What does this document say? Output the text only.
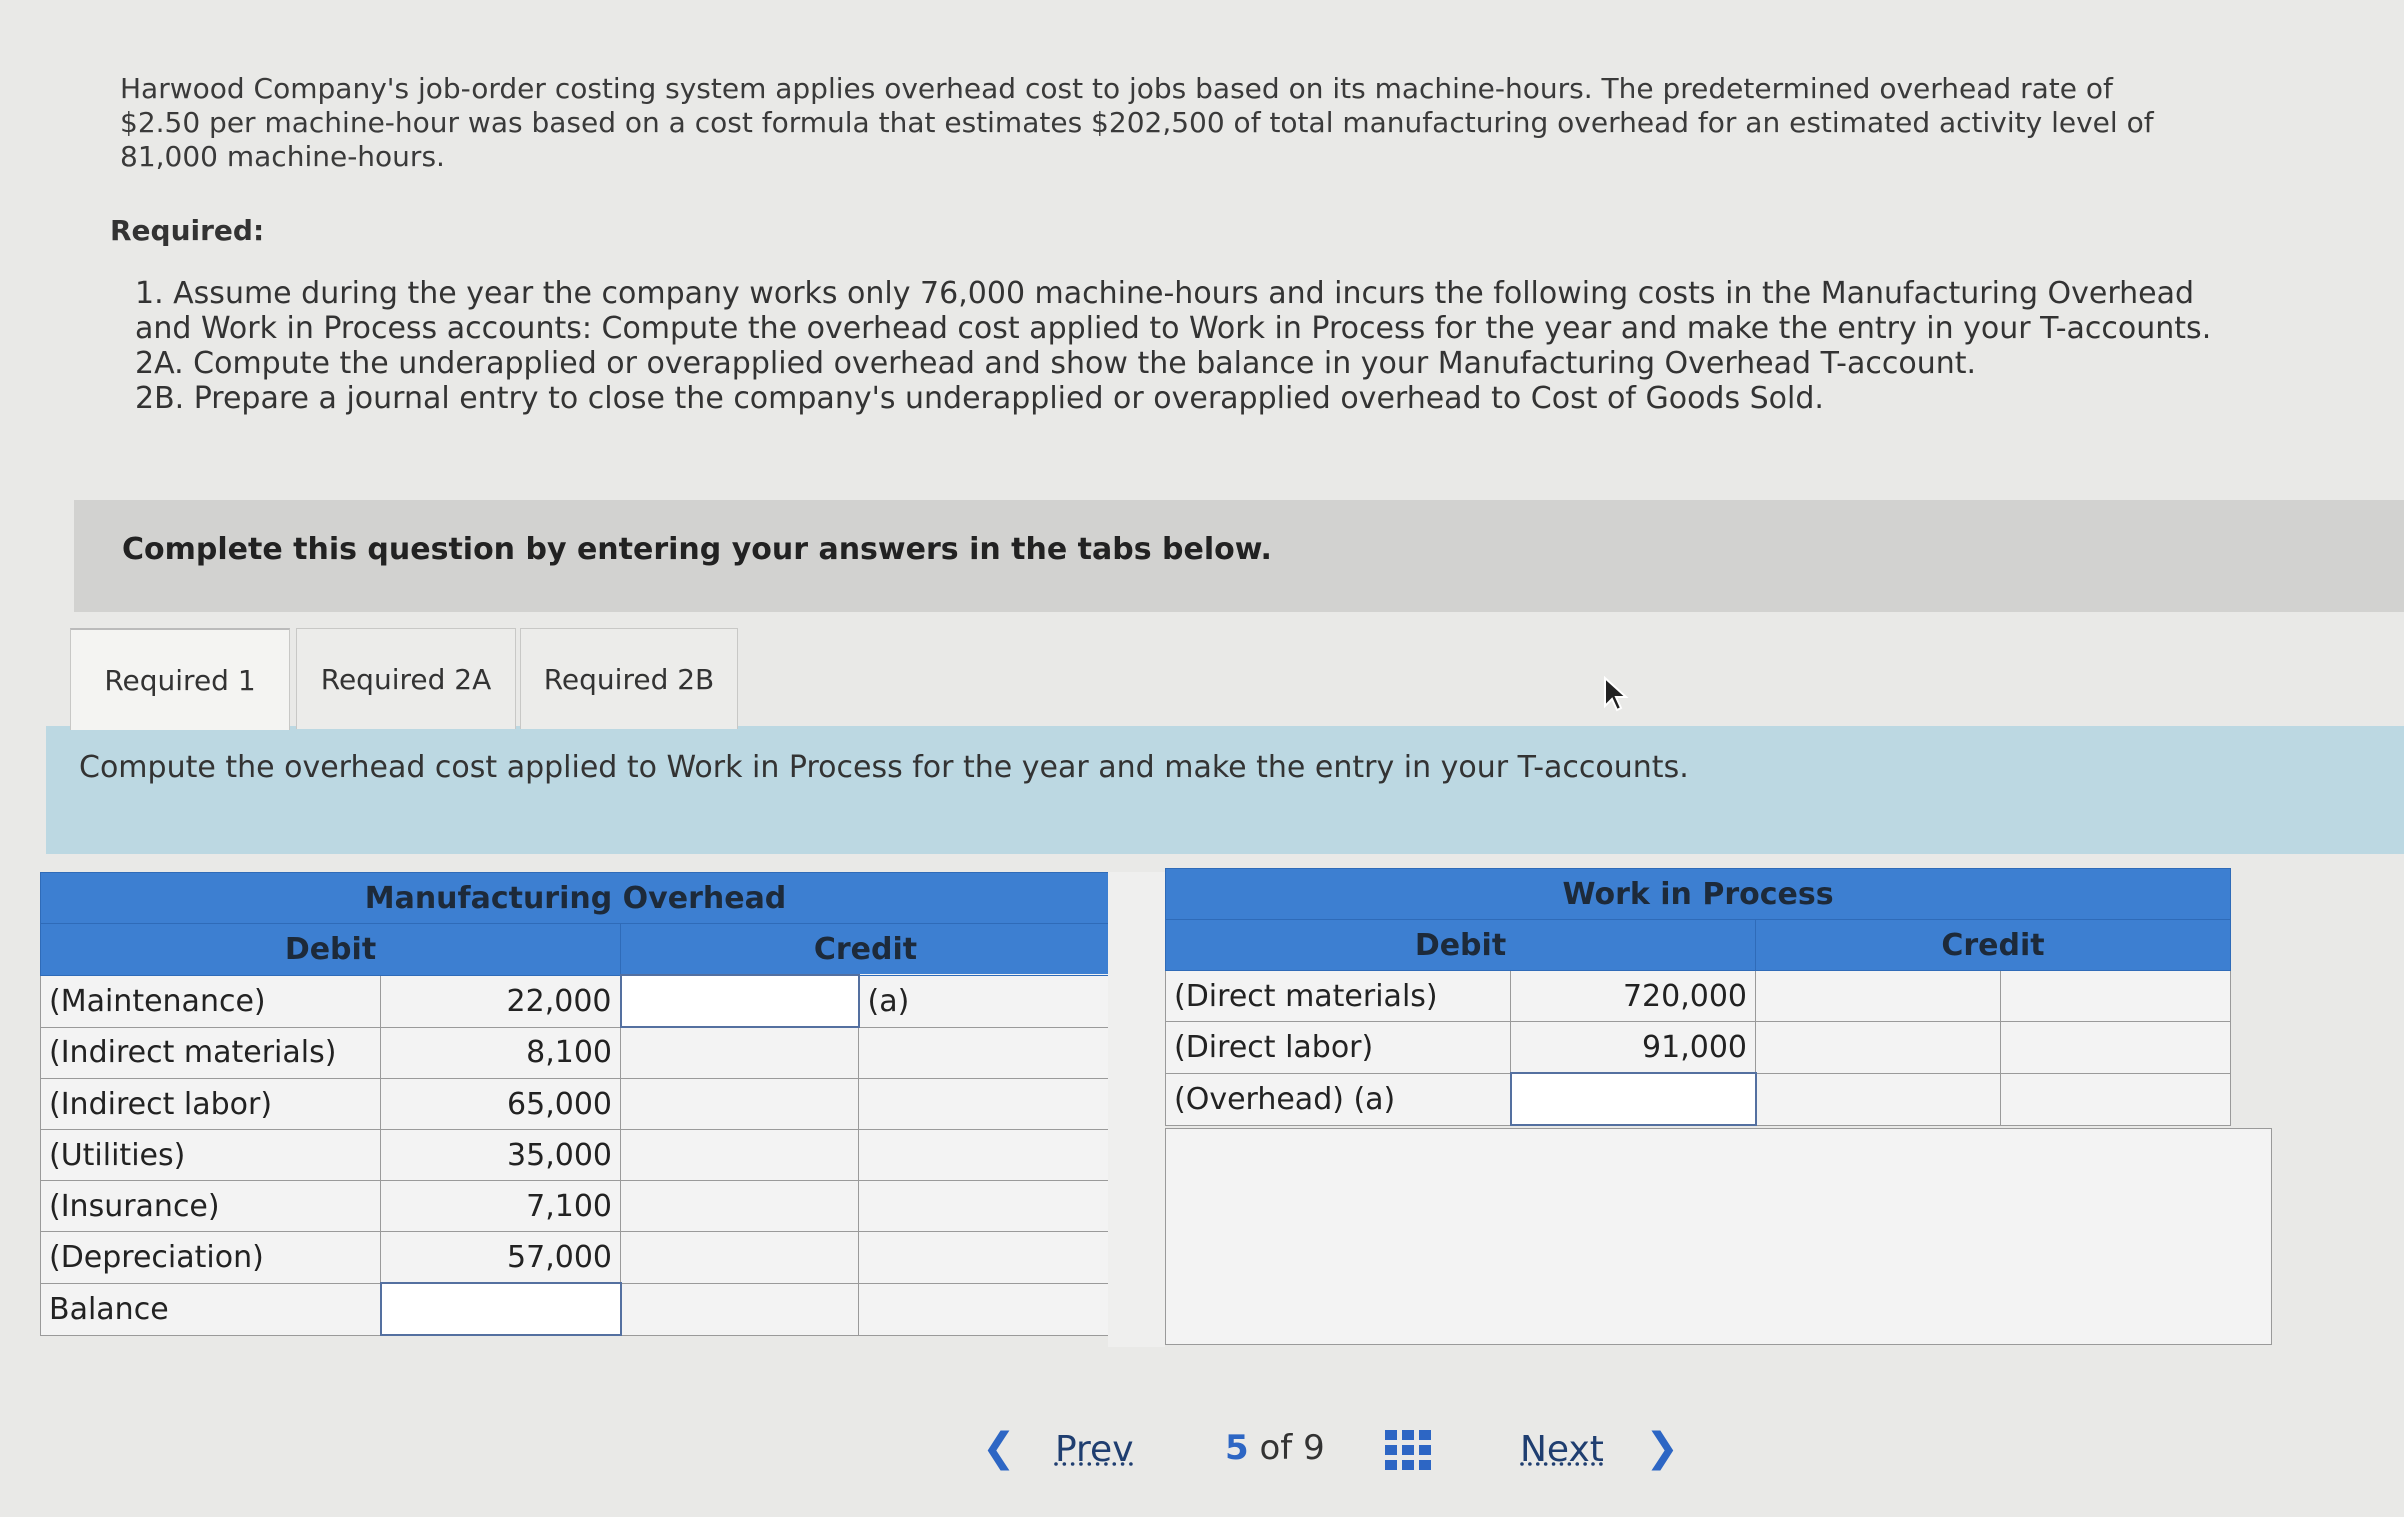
Harwood Company's job-order costing system applies overhead cost to jobs based on its machine-hours. The predetermined overhead rate of $2.50 per machine-hour was based on a cost formula that estimates $202,500 of total manufacturing overhead for an estimated activity level of 81,000 machine-hours.
Required:

1. Assume during the year the company works only 76,000 machine-hours and incurs the following costs in the Manufacturing Overhead and Work in Process accounts: Compute the overhead cost applied to Work in Process for the year and make the entry in your T-accounts.

2A. Compute the underapplied or overapplied overhead and show the balance in your Manufacturing Overhead T-account.

2B. Prepare a journal entry to close the company's underapplied or overapplied overhead to Cost of Goods Sold.

Complete this question by entering your answers in the tabs below.
Compute the overhead cost applied to Work in Process for the year and make the entry in your T-accounts.
Required 1	Required 2A	Required 2B
Manufacturing Overhead			
Debit		Credit	
(Maintenance)	22,000		(a)
(Indirect materials)	8,100		
(Indirect labor)	65,000		
(Utilities)	35,000		
(Insurance)	7,100		
(Depreciation)	57,000		
Balance			
Work in Process			
Debit		Credit	
(Direct materials)	720,000		
(Direct labor)	91,000		
(Overhead) (a)			
❮ Prev	5 of 9	Next ❯
